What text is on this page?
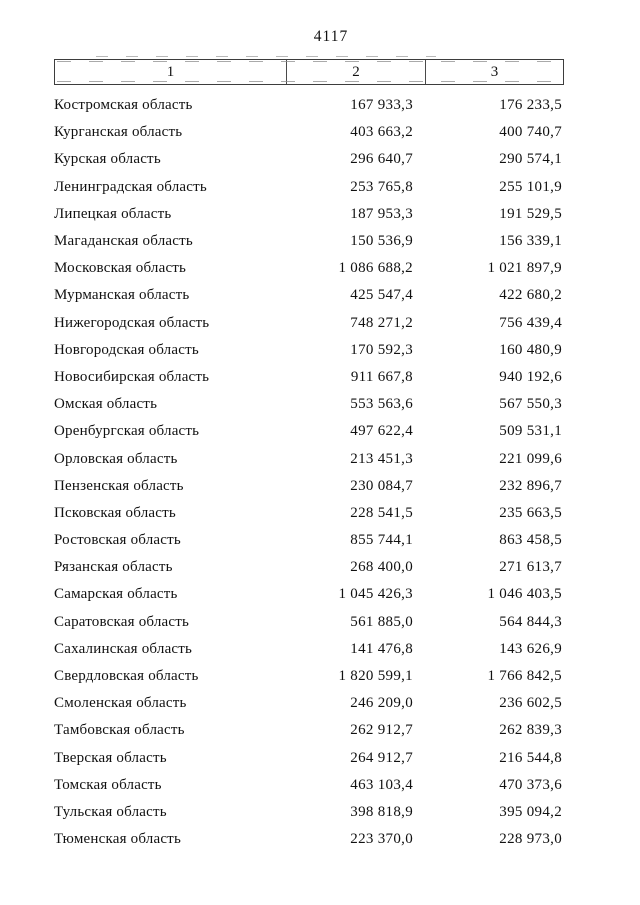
4117
1	2	3
Костромская область	167 933,3	176 233,5
Курганская область	403 663,2	400 740,7
Курская область	296 640,7	290 574,1
Ленинградская область	253 765,8	255 101,9
Липецкая область	187 953,3	191 529,5
Магаданская область	150 536,9	156 339,1
Московская область	1 086 688,2	1 021 897,9
Мурманская область	425 547,4	422 680,2
Нижегородская область	748 271,2	756 439,4
Новгородская область	170 592,3	160 480,9
Новосибирская область	911 667,8	940 192,6
Омская область	553 563,6	567 550,3
Оренбургская область	497 622,4	509 531,1
Орловская область	213 451,3	221 099,6
Пензенская область	230 084,7	232 896,7
Псковская область	228 541,5	235 663,5
Ростовская область	855 744,1	863 458,5
Рязанская область	268 400,0	271 613,7
Самарская область	1 045 426,3	1 046 403,5
Саратовская область	561 885,0	564 844,3
Сахалинская область	141 476,8	143 626,9
Свердловская область	1 820 599,1	1 766 842,5
Смоленская область	246 209,0	236 602,5
Тамбовская область	262 912,7	262 839,3
Тверская область	264 912,7	216 544,8
Томская область	463 103,4	470 373,6
Тульская область	398 818,9	395 094,2
Тюменская область	223 370,0	228 973,0
